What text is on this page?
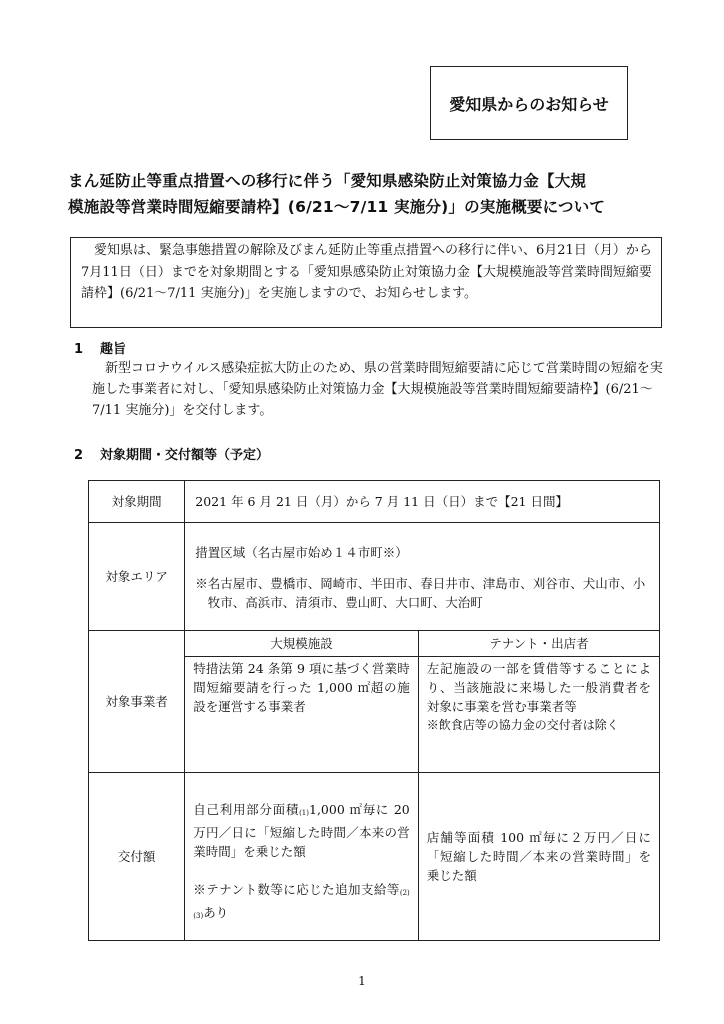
愛知県からのお知らせ
まん延防止等重点措置への移行に伴う「愛知県感染防止対策協力金【大規
模施設等営業時間短縮要請枠】(6/21～7/11 実施分)」の実施概要について

愛知県は、緊急事態措置の解除及びまん延防止等重点措置への移行に伴い、6月21日（月）から7月11日（日）までを対象期間とする「愛知県感染防止対策協力金【大規模施設等営業時間短縮要請枠】(6/21～7/11 実施分)」を実施しますので、お知らせします。

1 趣旨

新型コロナウイルス感染症拡大防止のため、県の営業時間短縮要請に応じて営業時間の短縮を実施した事業者に対し、「愛知県感染防止対策協力金【大規模施設等営業時間短縮要請枠】(6/21～7/11 実施分)」を交付します。

2 対象期間・交付額等（予定）
対象期間	2021 年 6 月 21 日（月）から 7 月 11 日（日）まで【21 日間】	
対象エリア	措置区域（名古屋市始め１４市町※）

※名古屋市、豊橋市、岡崎市、半田市、春日井市、津島市、刈谷市、犬山市、小牧市、高浜市、清須市、豊山町、大口町、大治町	

対象事業者	大規模施設	テナント・出店者
	特措法第 24 条第 9 項に基づく営業時間短縮要請を行った 1,000 ㎡超の施設を運営する事業者	左記施設の一部を賃借等することにより、当該施設に来場した一般消費者を対象に事業を営む事業者等
※飲食店等の協力金の交付者は除く

交付額	自己利用部分面積(1)1,000 ㎡毎に 20 万円／日に「短縮した時間／本来の営業時間」を乗じた額
※テナント数等に応じた追加支給等(2)(3)あり	店舗等面積 100 ㎡毎に２万円／日に「短縮した時間／本来の営業時間」を乗じた額
1
